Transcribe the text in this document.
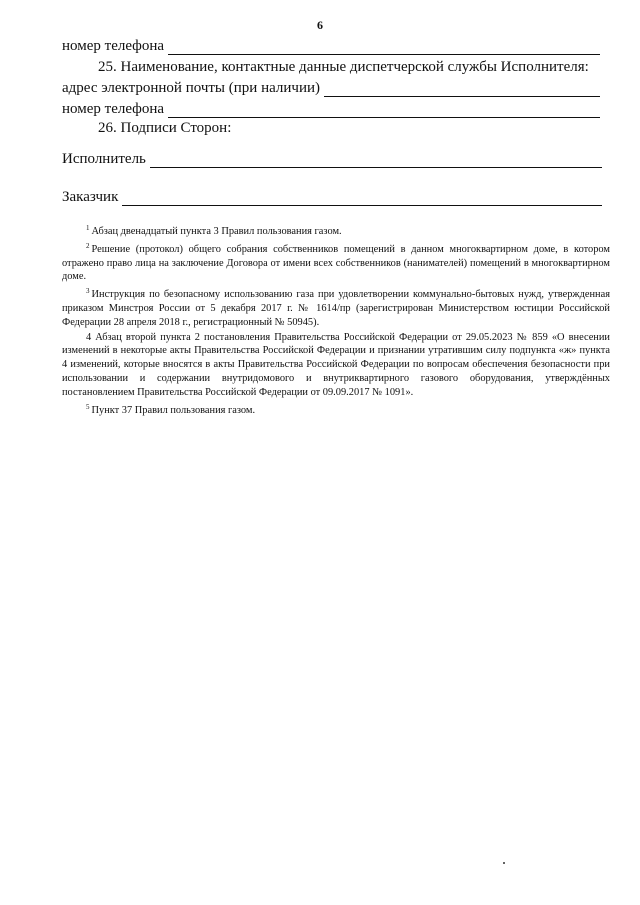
6
номер телефона
25. Наименование, контактные данные диспетчерской службы Исполнителя:
адрес электронной почты (при наличии)
номер телефона
26. Подписи Сторон:
Исполнитель
Заказчик

$^1$ Абзац двенадцатый пункта 3 Правил пользования газом.

$^2$ Решение (протокол) общего собрания собственников помещений в данном многоквартирном доме, в котором отражено право лица на заключение Договора от имени всех собственников (нанимателей) помещений в многоквартирном доме.

$^3$ Инструкция по безопасному использованию газа при удовлетворении коммунально-бытовых нужд, утвержденная приказом Минстроя России от 5 декабря 2017 г. № 1614/пр (зарегистрирован Министерством юстиции Российской Федерации 28 апреля 2018 г., регистрационный № 50945).

4 Абзац второй пункта 2 постановления Правительства Российской Федерации от 29.05.2023 № 859 «О внесении изменений в некоторые акты Правительства Российской Федерации и признании утратившим силу подпункта «ж» пункта 4 изменений, которые вносятся в акты Правительства Российской Федерации по вопросам обеспечения безопасности при использовании и содержании внутридомового и внутриквартирного газового оборудования, утверждённых постановлением Правительства Российской Федерации от 09.09.2017 № 1091».

$^5$ Пункт 37 Правил пользования газом.
